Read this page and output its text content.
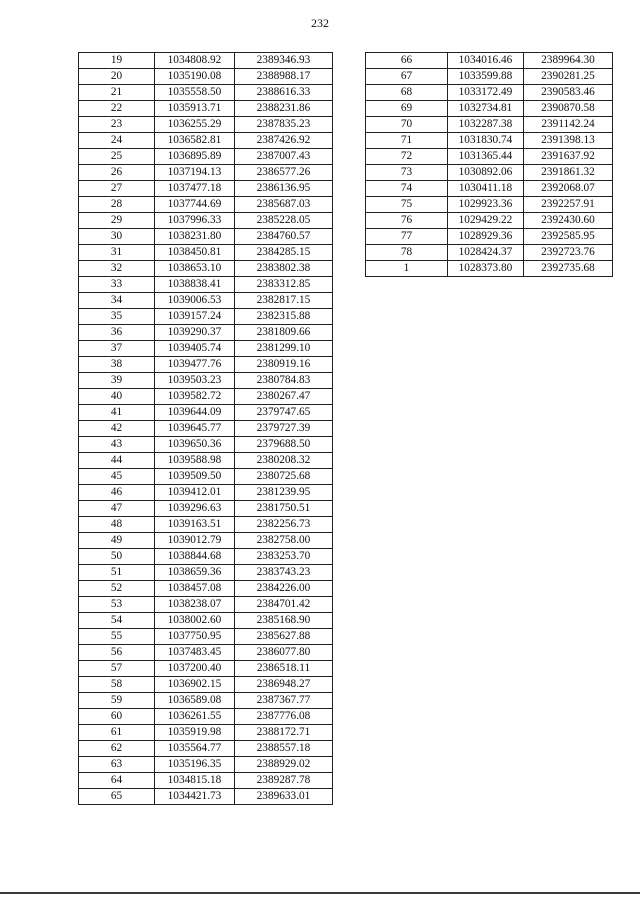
232
19	1034808.92	2389346.93
20	1035190.08	2388988.17
21	1035558.50	2388616.33
22	1035913.71	2388231.86
23	1036255.29	2387835.23
24	1036582.81	2387426.92
25	1036895.89	2387007.43
26	1037194.13	2386577.26
27	1037477.18	2386136.95
28	1037744.69	2385687.03
29	1037996.33	2385228.05
30	1038231.80	2384760.57
31	1038450.81	2384285.15
32	1038653.10	2383802.38
33	1038838.41	2383312.85
34	1039006.53	2382817.15
35	1039157.24	2382315.88
36	1039290.37	2381809.66
37	1039405.74	2381299.10
38	1039477.76	2380919.16
39	1039503.23	2380784.83
40	1039582.72	2380267.47
41	1039644.09	2379747.65
42	1039645.77	2379727.39
43	1039650.36	2379688.50
44	1039588.98	2380208.32
45	1039509.50	2380725.68
46	1039412.01	2381239.95
47	1039296.63	2381750.51
48	1039163.51	2382256.73
49	1039012.79	2382758.00
50	1038844.68	2383253.70
51	1038659.36	2383743.23
52	1038457.08	2384226.00
53	1038238.07	2384701.42
54	1038002.60	2385168.90
55	1037750.95	2385627.88
56	1037483.45	2386077.80
57	1037200.40	2386518.11
58	1036902.15	2386948.27
59	1036589.08	2387367.77
60	1036261.55	2387776.08
61	1035919.98	2388172.71
62	1035564.77	2388557.18
63	1035196.35	2388929.02
64	1034815.18	2389287.78
65	1034421.73	2389633.01
66	1034016.46	2389964.30
67	1033599.88	2390281.25
68	1033172.49	2390583.46
69	1032734.81	2390870.58
70	1032287.38	2391142.24
71	1031830.74	2391398.13
72	1031365.44	2391637.92
73	1030892.06	2391861.32
74	1030411.18	2392068.07
75	1029923.36	2392257.91
76	1029429.22	2392430.60
77	1028929.36	2392585.95
78	1028424.37	2392723.76
1	1028373.80	2392735.68
